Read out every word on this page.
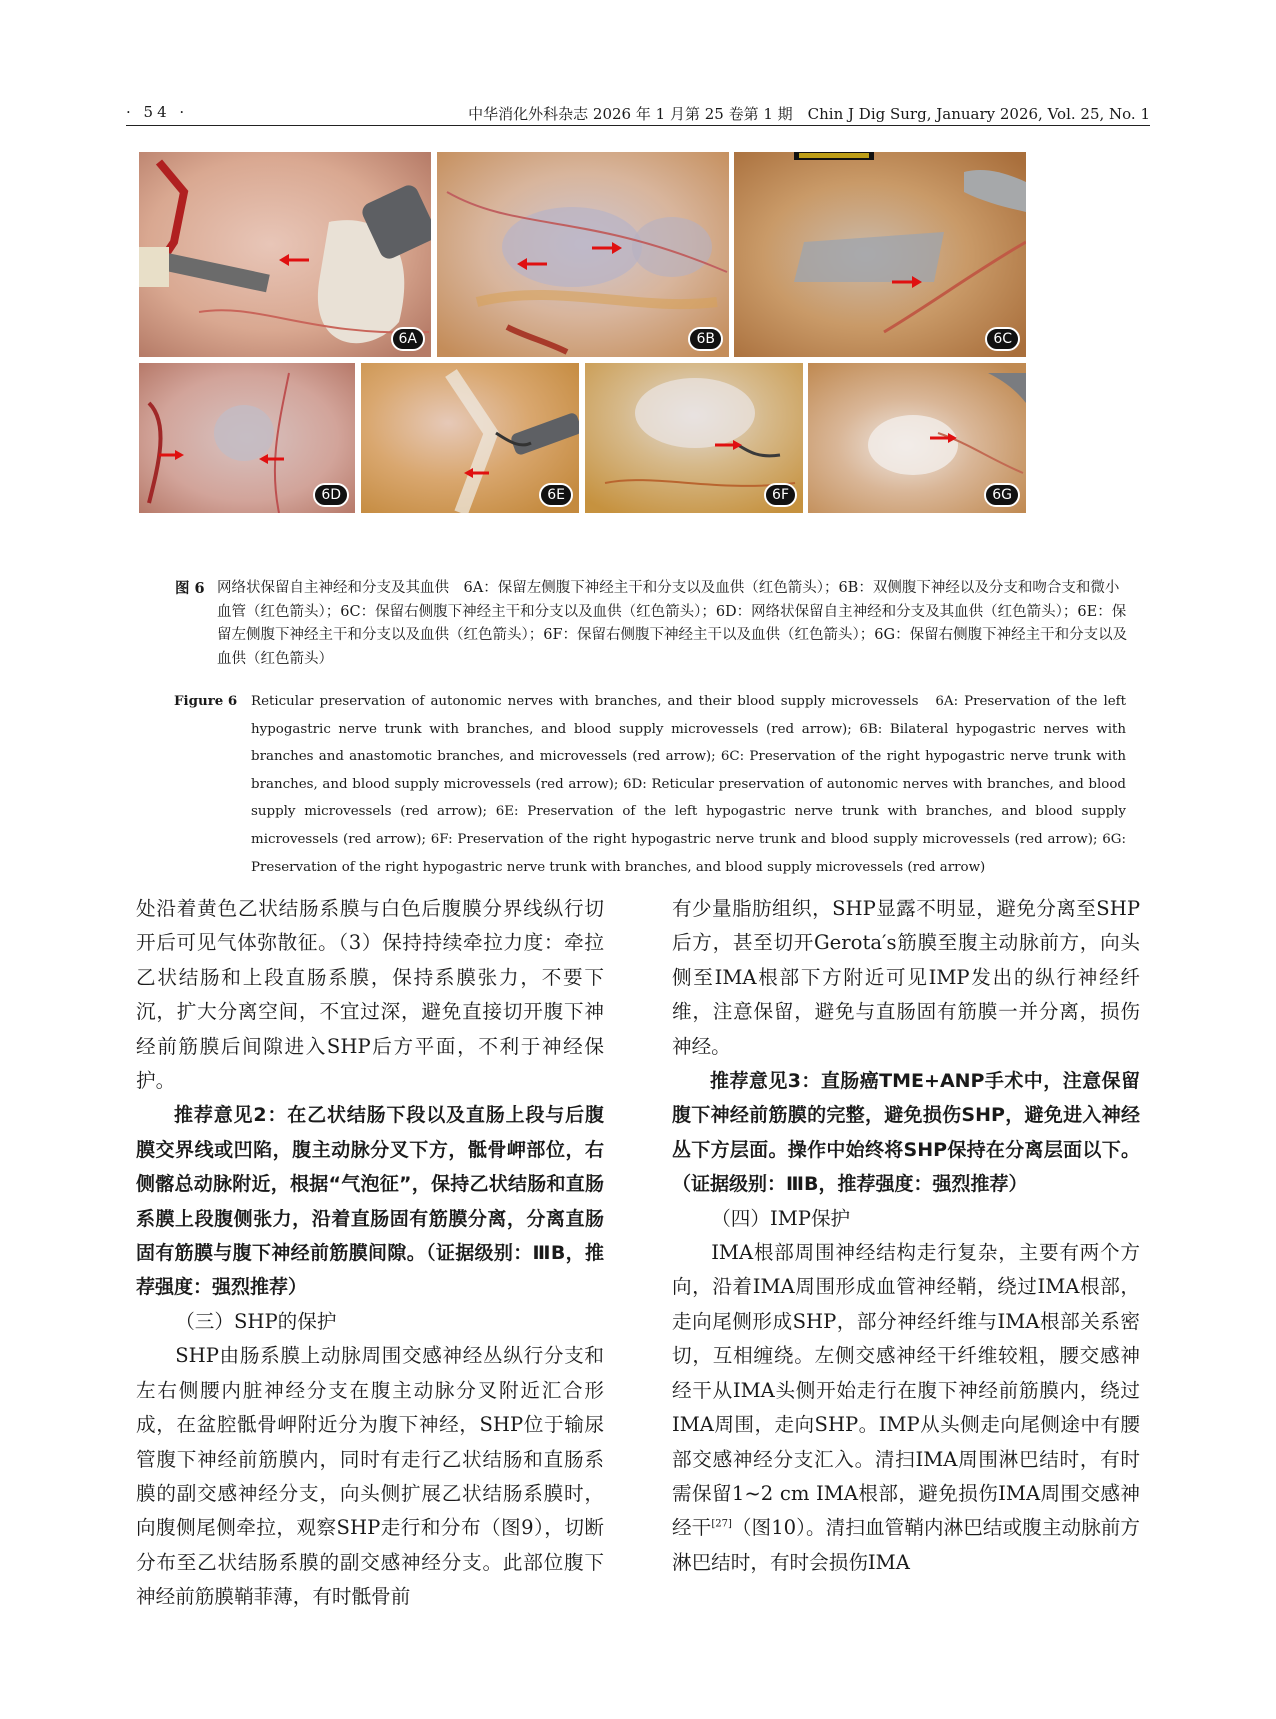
· 54 ·	中华消化外科杂志 2026 年 1 月第 25 卷第 1 期　Chin J Dig Surg, January 2026, Vol. 25, No. 1
6A	6B	6C
6D	6E	6F	6G
图 6 网络状保留自主神经和分支及其血供　6A：保留左侧腹下神经主干和分支以及血供（红色箭头）；6B：双侧腹下神经以及分支和吻合支和微小血管（红色箭头）；6C：保留右侧腹下神经主干和分支以及血供（红色箭头）；6D：网络状保留自主神经和分支及其血供（红色箭头）；6E：保留左侧腹下神经主干和分支以及血供（红色箭头）；6F：保留右侧腹下神经主干以及血供（红色箭头）；6G：保留右侧腹下神经主干和分支以及血供（红色箭头）
Figure 6 Reticular preservation of autonomic nerves with branches, and their blood supply microvessels　6A: Preservation of the left hypogastric nerve trunk with branches, and blood supply microvessels (red arrow); 6B: Bilateral hypogastric nerves with branches and anastomotic branches, and microvessels (red arrow); 6C: Preservation of the right hypogastric nerve trunk with branches, and blood supply microvessels (red arrow); 6D: Reticular preservation of autonomic nerves with branches, and blood supply microvessels (red arrow); 6E: Preservation of the left hypogastric nerve trunk with branches, and blood supply microvessels (red arrow); 6F: Preservation of the right hypogastric nerve trunk and blood supply microvessels (red arrow); 6G: Preservation of the right hypogastric nerve trunk with branches, and blood supply microvessels (red arrow)

处沿着黄色乙状结肠系膜与白色后腹膜分界线纵行切开后可见气体弥散征。（3）保持持续牵拉力度：牵拉乙状结肠和上段直肠系膜，保持系膜张力，不要下沉，扩大分离空间，不宜过深，避免直接切开腹下神经前筋膜后间隙进入SHP后方平面，不利于神经保护。

推荐意见2：在乙状结肠下段以及直肠上段与后腹膜交界线或凹陷，腹主动脉分叉下方，骶骨岬部位，右侧髂总动脉附近，根据“气泡征”，保持乙状结肠和直肠系膜上段腹侧张力，沿着直肠固有筋膜分离，分离直肠固有筋膜与腹下神经前筋膜间隙。（证据级别：ⅢB，推荐强度：强烈推荐）

（三）SHP的保护

SHP由肠系膜上动脉周围交感神经丛纵行分支和左右侧腰内脏神经分支在腹主动脉分叉附近汇合形成，在盆腔骶骨岬附近分为腹下神经，SHP位于输尿管腹下神经前筋膜内，同时有走行乙状结肠和直肠系膜的副交感神经分支，向头侧扩展乙状结肠系膜时，向腹侧尾侧牵拉，观察SHP走行和分布（图9），切断分布至乙状结肠系膜的副交感神经分支。此部位腹下神经前筋膜鞘菲薄，有时骶骨前

有少量脂肪组织，SHP显露不明显，避免分离至SHP后方，甚至切开Gerota′s筋膜至腹主动脉前方，向头侧至IMA根部下方附近可见IMP发出的纵行神经纤维，注意保留，避免与直肠固有筋膜一并分离，损伤神经。

推荐意见3：直肠癌TME+ANP手术中，注意保留腹下神经前筋膜的完整，避免损伤SHP，避免进入神经丛下方层面。操作中始终将SHP保持在分离层面以下。（证据级别：ⅢB，推荐强度：强烈推荐）

（四）IMP保护

IMA根部周围神经结构走行复杂，主要有两个方向，沿着IMA周围形成血管神经鞘，绕过IMA根部，走向尾侧形成SHP，部分神经纤维与IMA根部关系密切，互相缠绕。左侧交感神经干纤维较粗，腰交感神经干从IMA头侧开始走行在腹下神经前筋膜内，绕过IMA周围，走向SHP。IMP从头侧走向尾侧途中有腰部交感神经分支汇入。清扫IMA周围淋巴结时，有时需保留1~2 cm IMA根部，避免损伤IMA周围交感神经干[27]（图10）。清扫血管鞘内淋巴结或腹主动脉前方淋巴结时，有时会损伤IMA
